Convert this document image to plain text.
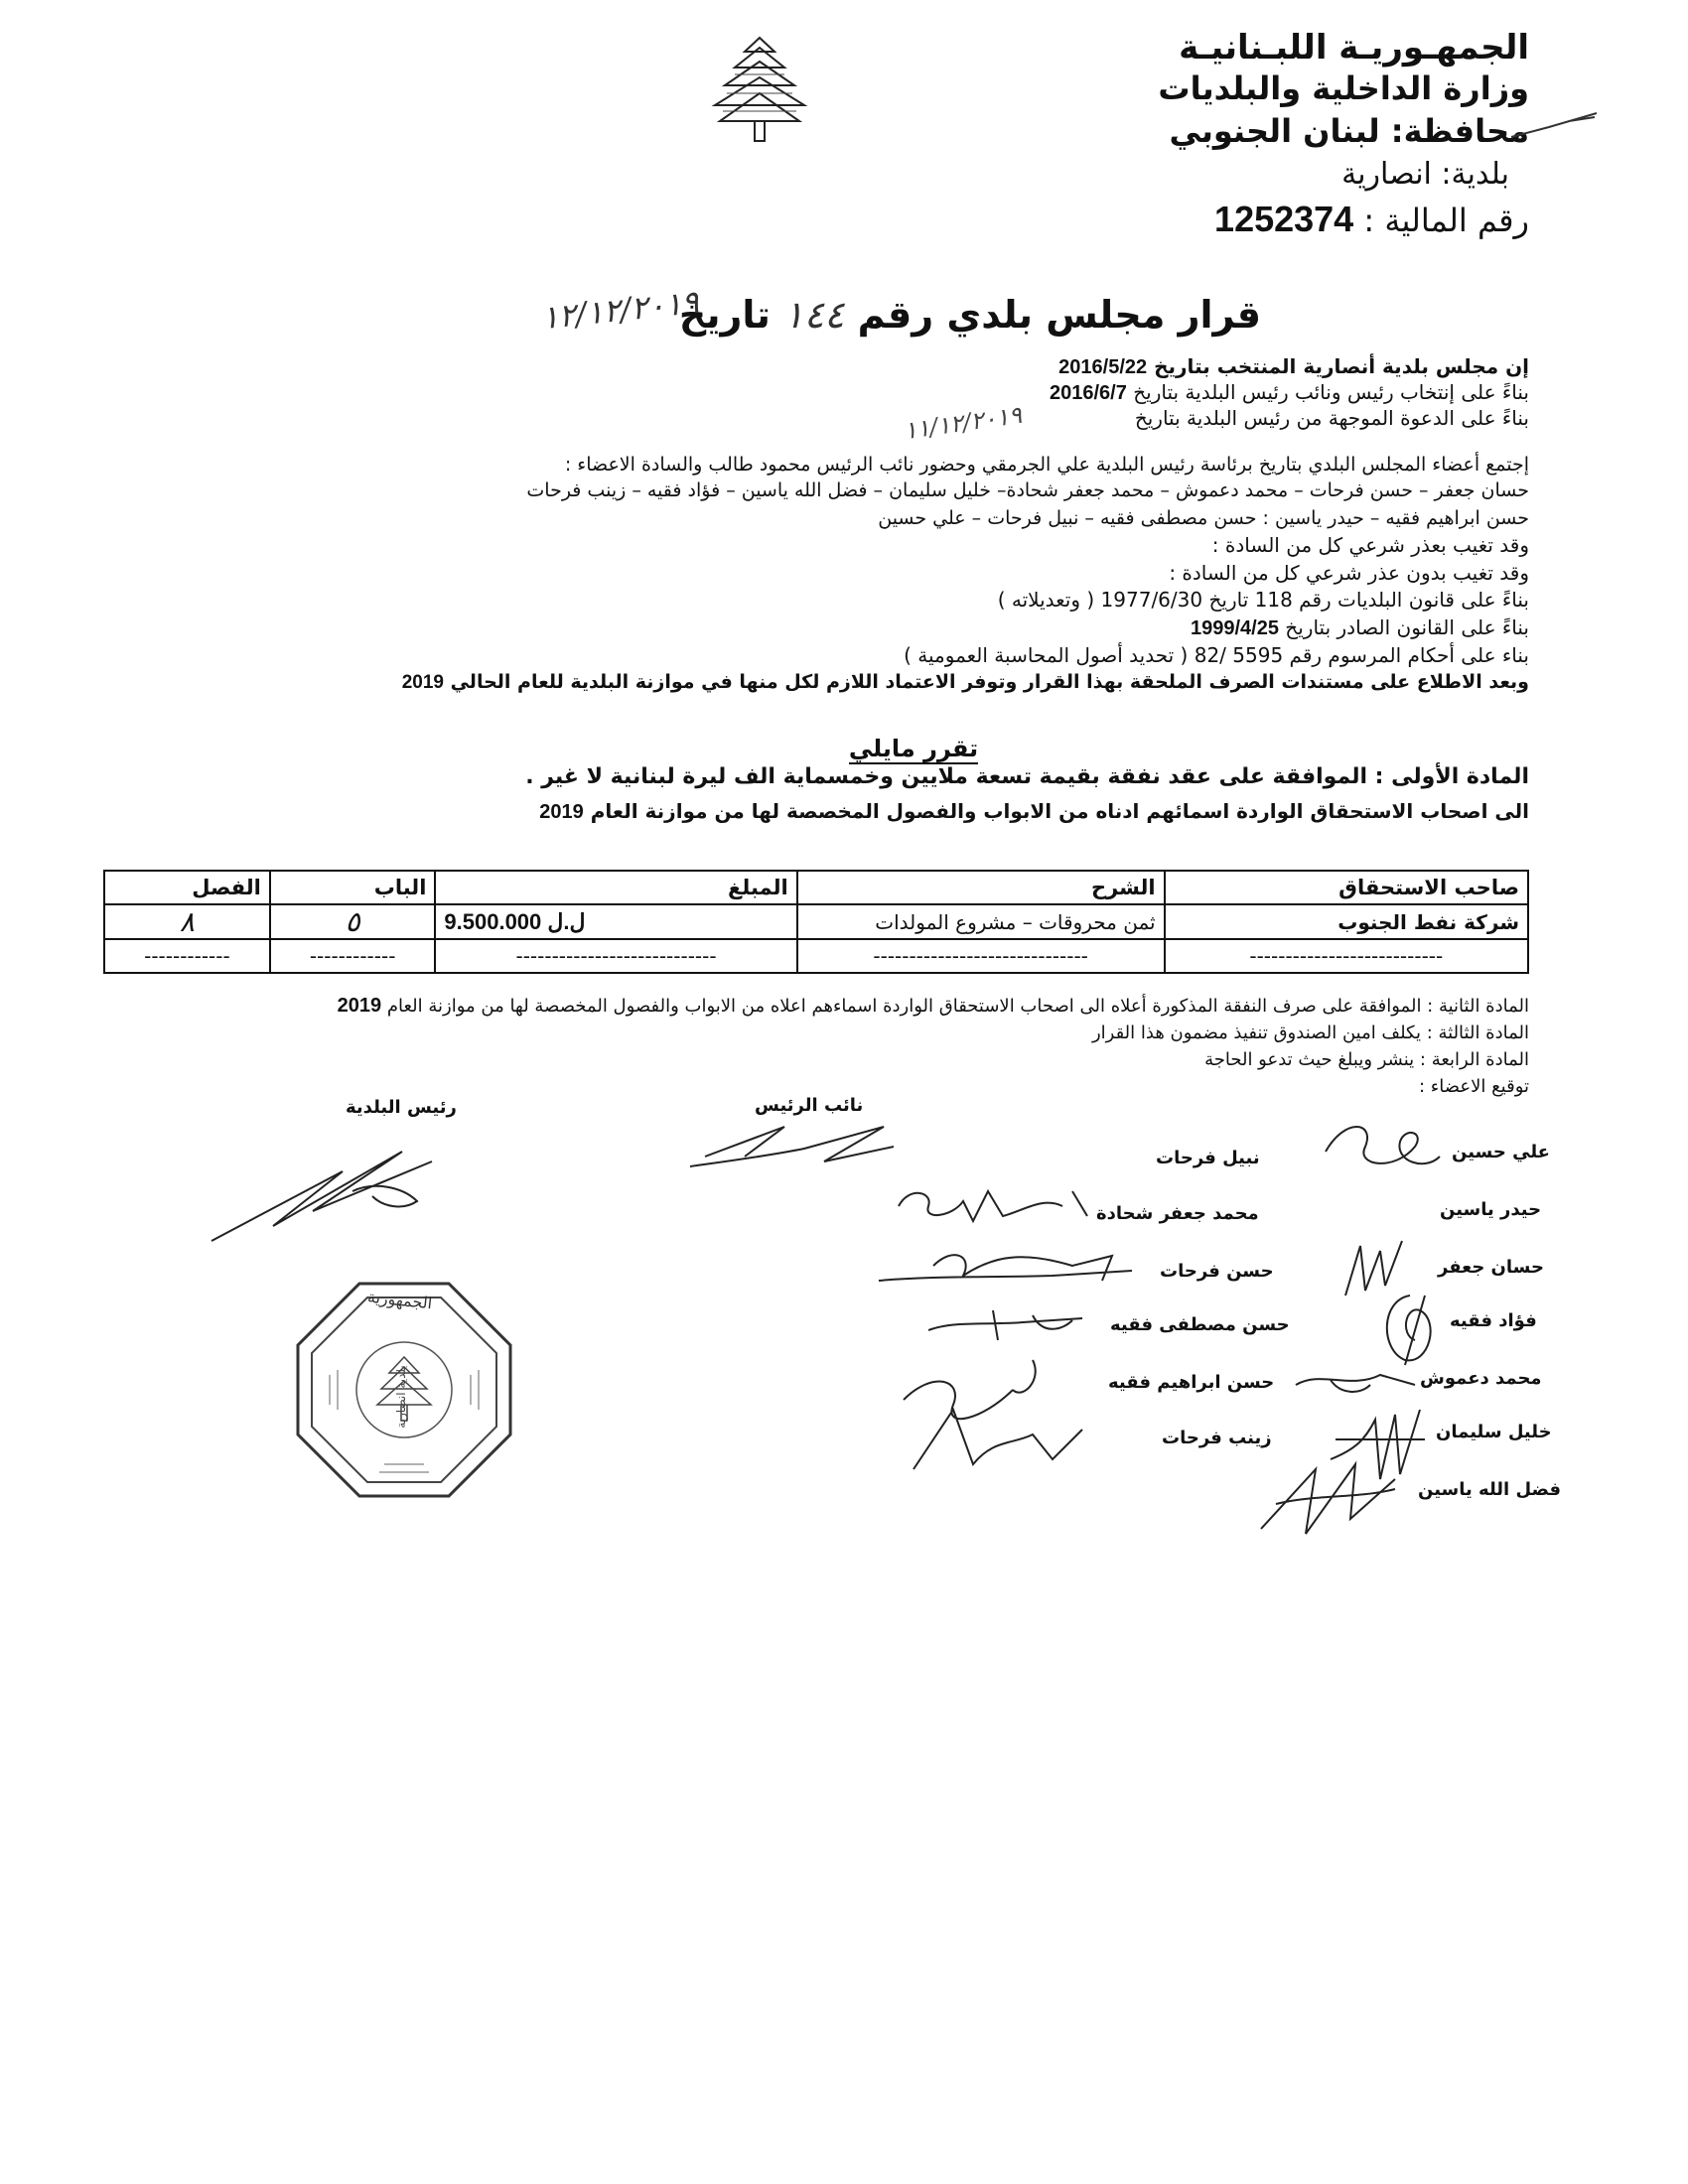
الجمهـوريـة اللبـنانيـة
وزارة الداخلية والبلديات
محافظة: لبنان الجنوبي
بلدية: انصارية
رقم المالية : 1252374
قرار مجلس بلدي رقم ١٤٤ تاريخ
١٢/١٢/٢٠١٩
إن مجلس بلدية أنصارية المنتخب بتاريخ 2016/5/22
بناءً على إنتخاب رئيس ونائب رئيس البلدية بتاريخ 2016/6/7
بناءً على الدعوة الموجهة من رئيس البلدية بتاريخ
١١/١٢/٢٠١٩
إجتمع أعضاء المجلس البلدي بتاريخ برئاسة رئيس البلدية علي الجرمقي وحضور نائب الرئيس محمود طالب والسادة الاعضاء :
حسان جعفر – حسن فرحات – محمد دعموش – محمد جعفر شحادة– خليل سليمان – فضل الله ياسين – فؤاد فقيه – زينب فرحات
حسن ابراهيم فقيه – حيدر ياسين : حسن مصطفى فقيه – نبيل فرحات – علي حسين
وقد تغيب بعذر شرعي كل من السادة :
وقد تغيب بدون عذر شرعي كل من السادة :
بناءً على قانون البلديات رقم 118 تاريخ 1977/6/30 ( وتعديلاته )
بناءً على القانون الصادر بتاريخ 1999/4/25
بناء على أحكام المرسوم رقم 5595 /82 ( تحديد أصول المحاسبة العمومية )
وبعد الاطلاع على مستندات الصرف الملحقة بهذا القرار وتوفر الاعتماد اللازم لكل منها في موازنة البلدية للعام الحالي 2019
تقرر مايلي
المادة الأولى : الموافقة على عقد نفقة بقيمة تسعة ملايين وخمسماية الف ليرة لبنانية لا غير .
الى اصحاب الاستحقاق الواردة اسمائهم ادناه من الابواب والفصول المخصصة لها من موازنة العام 2019
صاحب الاستحقاق	الشرح	المبلغ	الباب	الفصل
شركة نفط الجنوب	ثمن محروقات – مشروع المولدات	9.500.000 ل.ل	٥	٨
---------------------------	------------------------------	----------------------------	------------	------------
المادة الثانية : الموافقة على صرف النفقة المذكورة أعلاه الى اصحاب الاستحقاق الواردة اسماءهم اعلاه من الابواب والفصول المخصصة لها من موازنة العام 2019
المادة الثالثة : يكلف امين الصندوق تنفيذ مضمون هذا القرار
المادة الرابعة : ينشر ويبلغ حيث تدعو الحاجة
توقيع الاعضاء :
رئيس البلدية	نائب الرئيس
علي حسين
حيدر ياسين
حسان جعفر
فؤاد فقيه
محمد دعموش
خليل سليمان
فضل الله ياسين
نبيل فرحات
محمد جعفر شحادة
حسن فرحات
حسن مصطفى فقيه
حسن ابراهيم فقيه
زينب فرحات
الجمهورية
بلدية انصارية
